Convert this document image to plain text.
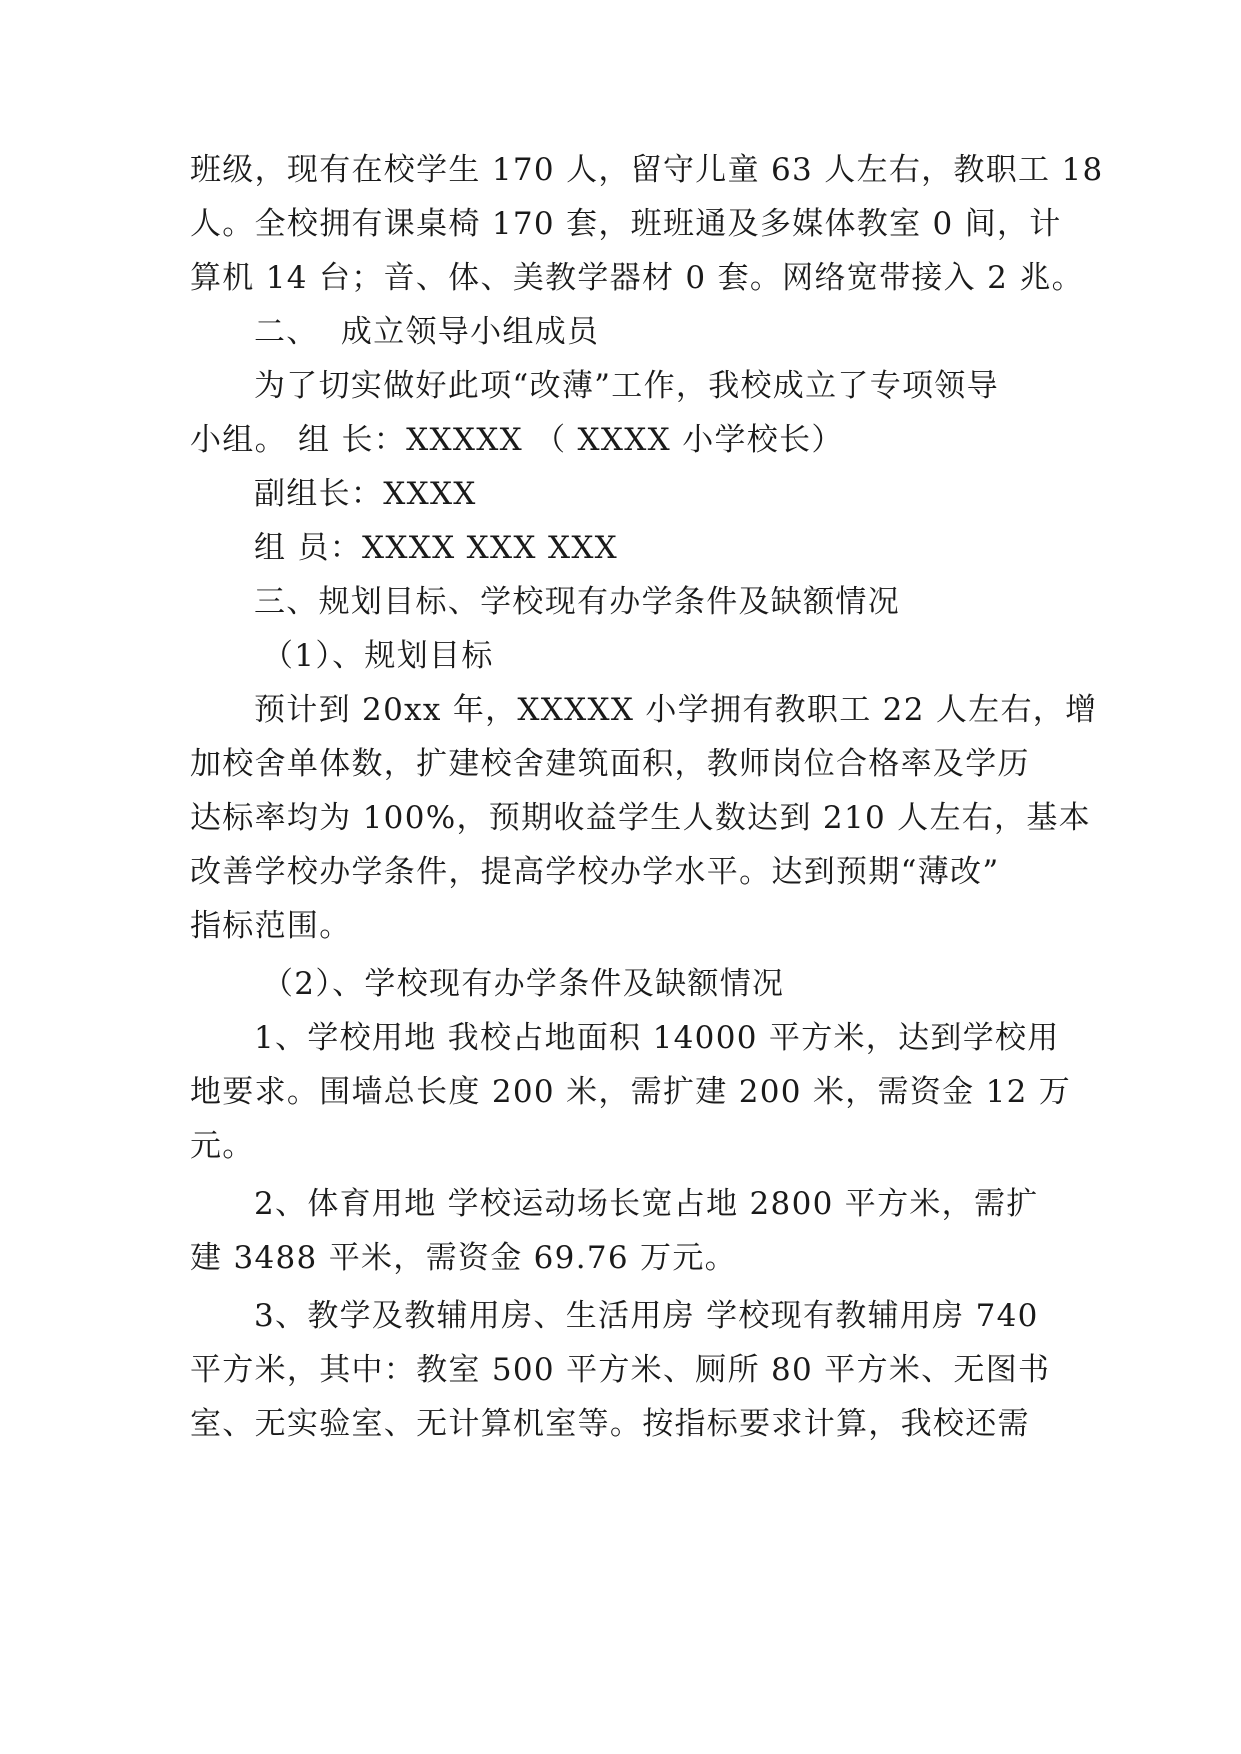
班级，现有在校学生 170 人，留守儿童 63 人左右，教职工 18

人。全校拥有课桌椅 170 套，班班通及多媒体教室 0 间，计

算机 14 台；音、体、美教学器材 0 套。网络宽带接入 2 兆。

二、  成立领导小组成员

为了切实做好此项“改薄”工作，我校成立了专项领导

小组。 组 长：XXXXX （ XXXX 小学校长）

副组长：XXXX

组 员：XXXX XXX XXX

三、规划目标、学校现有办学条件及缺额情况

（1）、规划目标

预计到 20xx 年，XXXXX 小学拥有教职工 22 人左右，增

加校舍单体数，扩建校舍建筑面积，教师岗位合格率及学历

达标率均为 100%，预期收益学生人数达到 210 人左右，基本

改善学校办学条件，提高学校办学水平。达到预期“薄改”

指标范围。

（2）、学校现有办学条件及缺额情况

1、学校用地 我校占地面积 14000 平方米，达到学校用

地要求。围墙总长度 200 米，需扩建 200 米，需资金 12 万

元。

2、体育用地 学校运动场长宽占地 2800 平方米，需扩

建 3488 平米，需资金 69.76 万元。

3、教学及教辅用房、生活用房 学校现有教辅用房 740

平方米，其中：教室 500 平方米、厕所 80 平方米、无图书

室、无实验室、无计算机室等。按指标要求计算，我校还需
